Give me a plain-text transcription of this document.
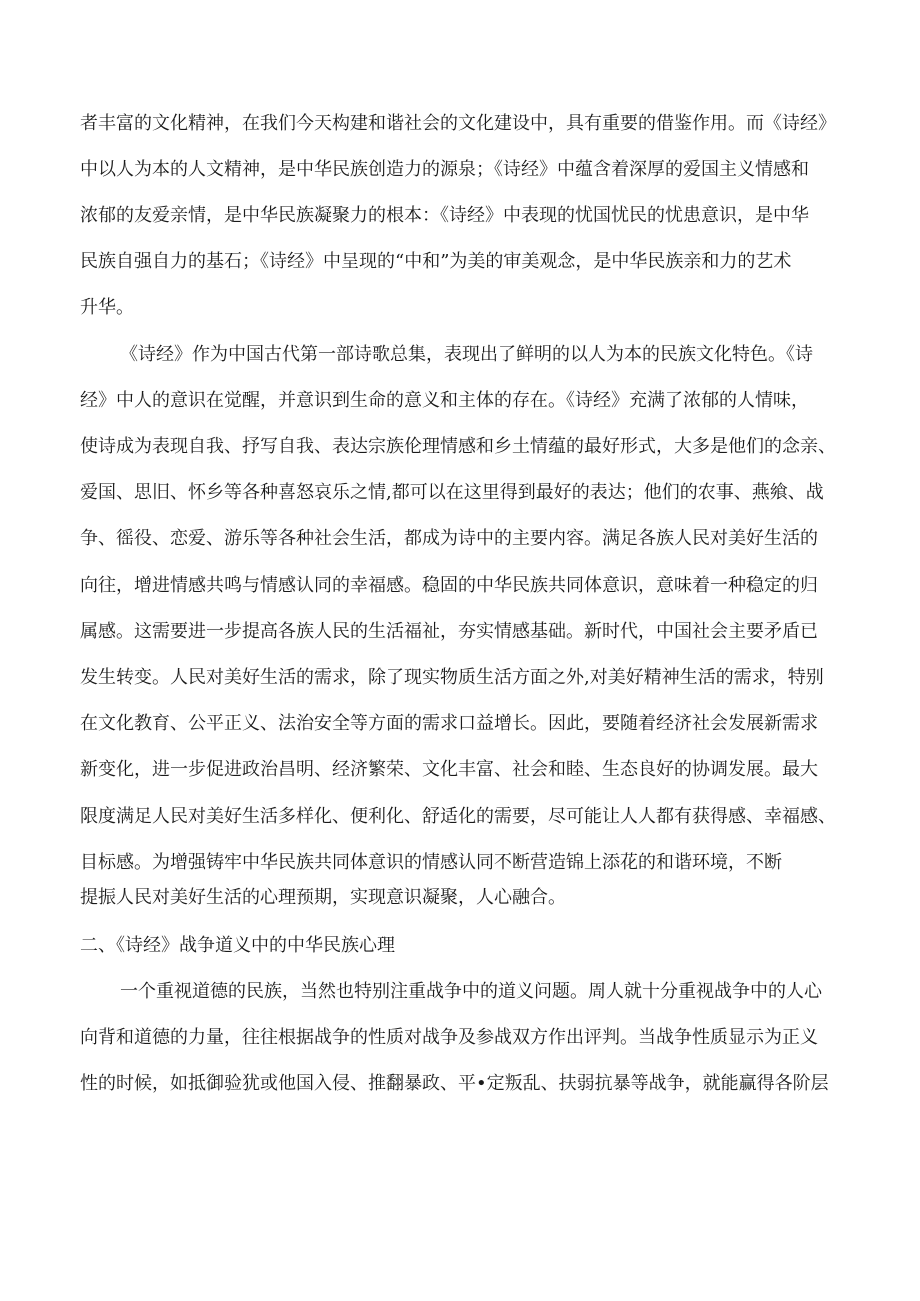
者丰富的文化精神，在我们今天构建和谐社会的文化建设中，具有重要的借鉴作用。而《诗经》
中以人为本的人文精神，是中华民族创造力的源泉；《诗经》中蕴含着深厚的爱国主义情感和
浓郁的友爱亲情，是中华民族凝聚力的根本：《诗经》中表现的忧国忧民的忧患意识，是中华
民族自强自力的基石；《诗经》中呈现的“中和”为美的审美观念，是中华民族亲和力的艺术
升华。
《诗经》作为中国古代第一部诗歌总集，表现出了鲜明的以人为本的民族文化特色。《诗
经》中人的意识在觉醒，并意识到生命的意义和主体的存在。《诗经》充满了浓郁的人情味，
使诗成为表现自我、抒写自我、表达宗族伦理情感和乡土情蕴的最好形式，大多是他们的念亲、
爱国、思旧、怀乡等各种喜怒哀乐之情,都可以在这里得到最好的表达；他们的农事、燕飨、战
争、徭役、恋爱、游乐等各种社会生活，都成为诗中的主要内容。满足各族人民对美好生活的
向往，增进情感共鸣与情感认同的幸福感。稳固的中华民族共同体意识，意味着一种稳定的归
属感。这需要进一步提高各族人民的生活福祉，夯实情感基础。新时代，中国社会主要矛盾已
发生转变。人民对美好生活的需求，除了现实物质生活方面之外,对美好精神生活的需求，特别
在文化教育、公平正义、法治安全等方面的需求口益增长。因此，要随着经济社会发展新需求
新变化，进一步促进政治昌明、经济繁荣、文化丰富、社会和睦、生态良好的协调发展。最大
限度满足人民对美好生活多样化、便利化、舒适化的需要，尽可能让人人都有获得感、幸福感、
目标感。为增强铸牢中华民族共同体意识的情感认同不断营造锦上添花的和谐环境，不断
提振人民对美好生活的心理预期，实现意识凝聚，人心融合。
二、《诗经》战争道义中的中华民族心理
一个重视道德的民族，当然也特别注重战争中的道义问题。周人就十分重视战争中的人心
向背和道德的力量，往往根据战争的性质对战争及参战双方作出评判。当战争性质显示为正义
性的时候，如抵御验犹或他国入侵、推翻暴政、平•定叛乱、扶弱抗暴等战争，就能赢得各阶层
